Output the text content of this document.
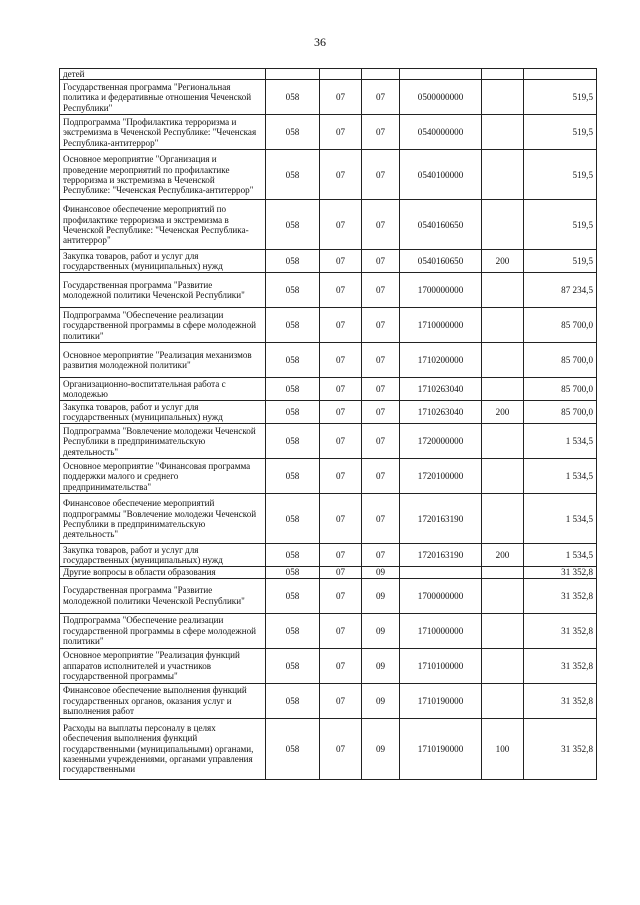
36
детей						
Государственная программа "Региональная политика и федеративные отношения Чеченской Республики"	058	07	07	0500000000		519,5
Подпрограмма "Профилактика терроризма и экстремизма в Чеченской Республике: "Чеченская Республика-антитеррор"	058	07	07	0540000000		519,5
Основное мероприятие "Организация и проведение мероприятий по профилактике терроризма и экстремизма в Чеченской Республике: "Чеченская Республика-антитеррор"	058	07	07	0540100000		519,5
Финансовое обеспечение мероприятий по профилактике терроризма и экстремизма в Чеченской Республике: "Чеченская Республика-антитеррор"	058	07	07	0540160650		519,5
Закупка товаров, работ и услуг для государственных (муниципальных) нужд	058	07	07	0540160650	200	519,5
Государственная программа "Развитие молодежной политики Чеченской Республики"	058	07	07	1700000000		87 234,5
Подпрограмма "Обеспечение реализации государственной программы в сфере молодежной политики"	058	07	07	1710000000		85 700,0
Основное мероприятие "Реализация механизмов развития молодежной политики"	058	07	07	1710200000		85 700,0
Организационно-воспитательная работа с молодежью	058	07	07	1710263040		85 700,0
Закупка товаров, работ и услуг для государственных (муниципальных) нужд	058	07	07	1710263040	200	85 700,0
Подпрограмма "Вовлечение молодежи Чеченской Республики в предпринимательскую деятельность"	058	07	07	1720000000		1 534,5
Основное мероприятие "Финансовая программа поддержки малого и среднего предпринимательства"	058	07	07	1720100000		1 534,5
Финансовое обеспечение мероприятий подпрограммы "Вовлечение молодежи Чеченской Республики в предпринимательскую деятельность"	058	07	07	1720163190		1 534,5
Закупка товаров, работ и услуг для государственных (муниципальных) нужд	058	07	07	1720163190	200	1 534,5
Другие вопросы в области образования	058	07	09			31 352,8
Государственная программа "Развитие молодежной политики Чеченской Республики"	058	07	09	1700000000		31 352,8
Подпрограмма "Обеспечение реализации государственной программы в сфере молодежной политики"	058	07	09	1710000000		31 352,8
Основное мероприятие "Реализация функций аппаратов исполнителей и участников государственной программы"	058	07	09	1710100000		31 352,8
Финансовое обеспечение выполнения функций государственных органов, оказания услуг и выполнения работ	058	07	09	1710190000		31 352,8
Расходы на выплаты персоналу в целях обеспечения выполнения функций государственными (муниципальными) органами, казенными учреждениями, органами управления государственными	058	07	09	1710190000	100	31 352,8
